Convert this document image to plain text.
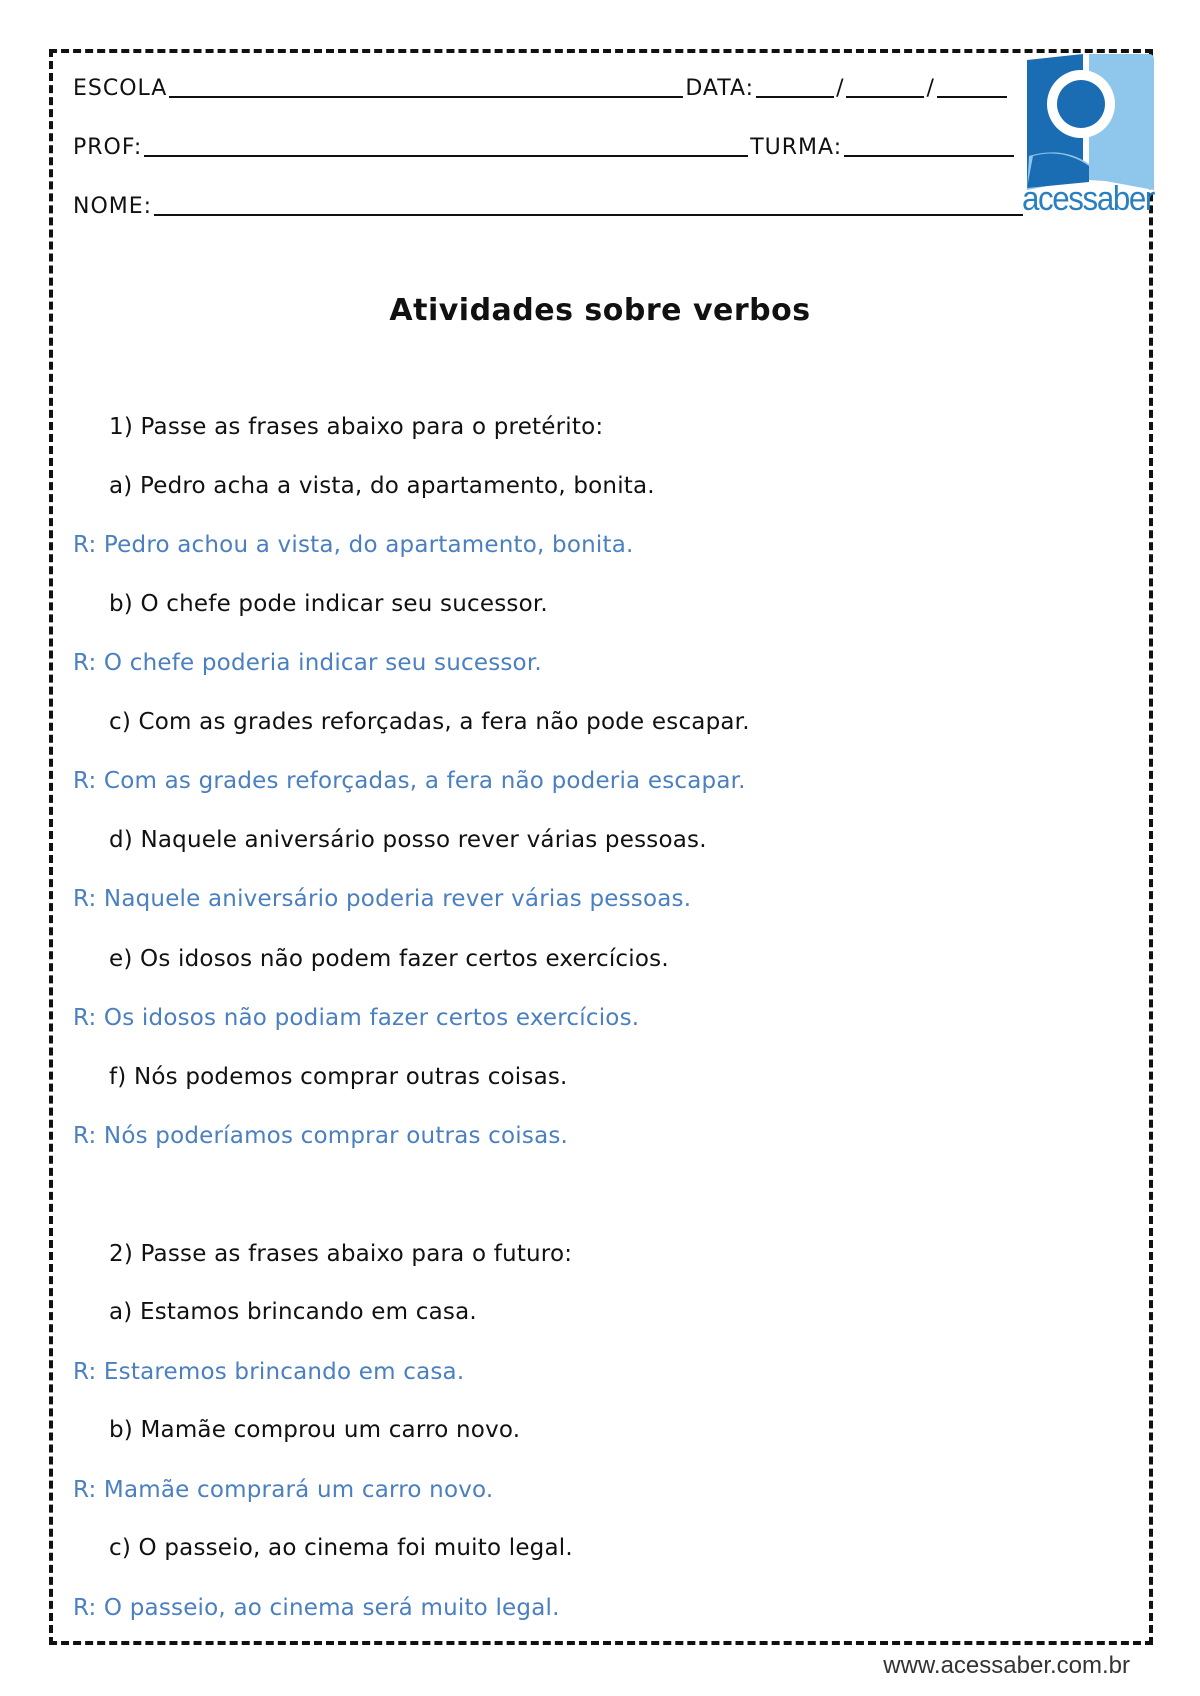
ESCOLA	DATA:	/	/
PROF:	TURMA:
NOME:	acessaber
Atividades sobre verbos
1) Passe as frases abaixo para o pretérito:
a) Pedro acha a vista, do apartamento, bonita.
R: Pedro achou a vista, do apartamento, bonita.
b) O chefe pode indicar seu sucessor.
R: O chefe poderia indicar seu sucessor.
c) Com as grades reforçadas, a fera não pode escapar.
R: Com as grades reforçadas, a fera não poderia escapar.
d) Naquele aniversário posso rever várias pessoas.
R: Naquele aniversário poderia rever várias pessoas.
e) Os idosos não podem fazer certos exercícios.
R: Os idosos não podiam fazer certos exercícios.
f) Nós podemos comprar outras coisas.
R: Nós poderíamos comprar outras coisas.
2) Passe as frases abaixo para o futuro:
a) Estamos brincando em casa.
R: Estaremos brincando em casa.
b) Mamãe comprou um carro novo.
R: Mamãe comprará um carro novo.
c) O passeio, ao cinema foi muito legal.
R: O passeio, ao cinema será muito legal.
www.acessaber.com.br
